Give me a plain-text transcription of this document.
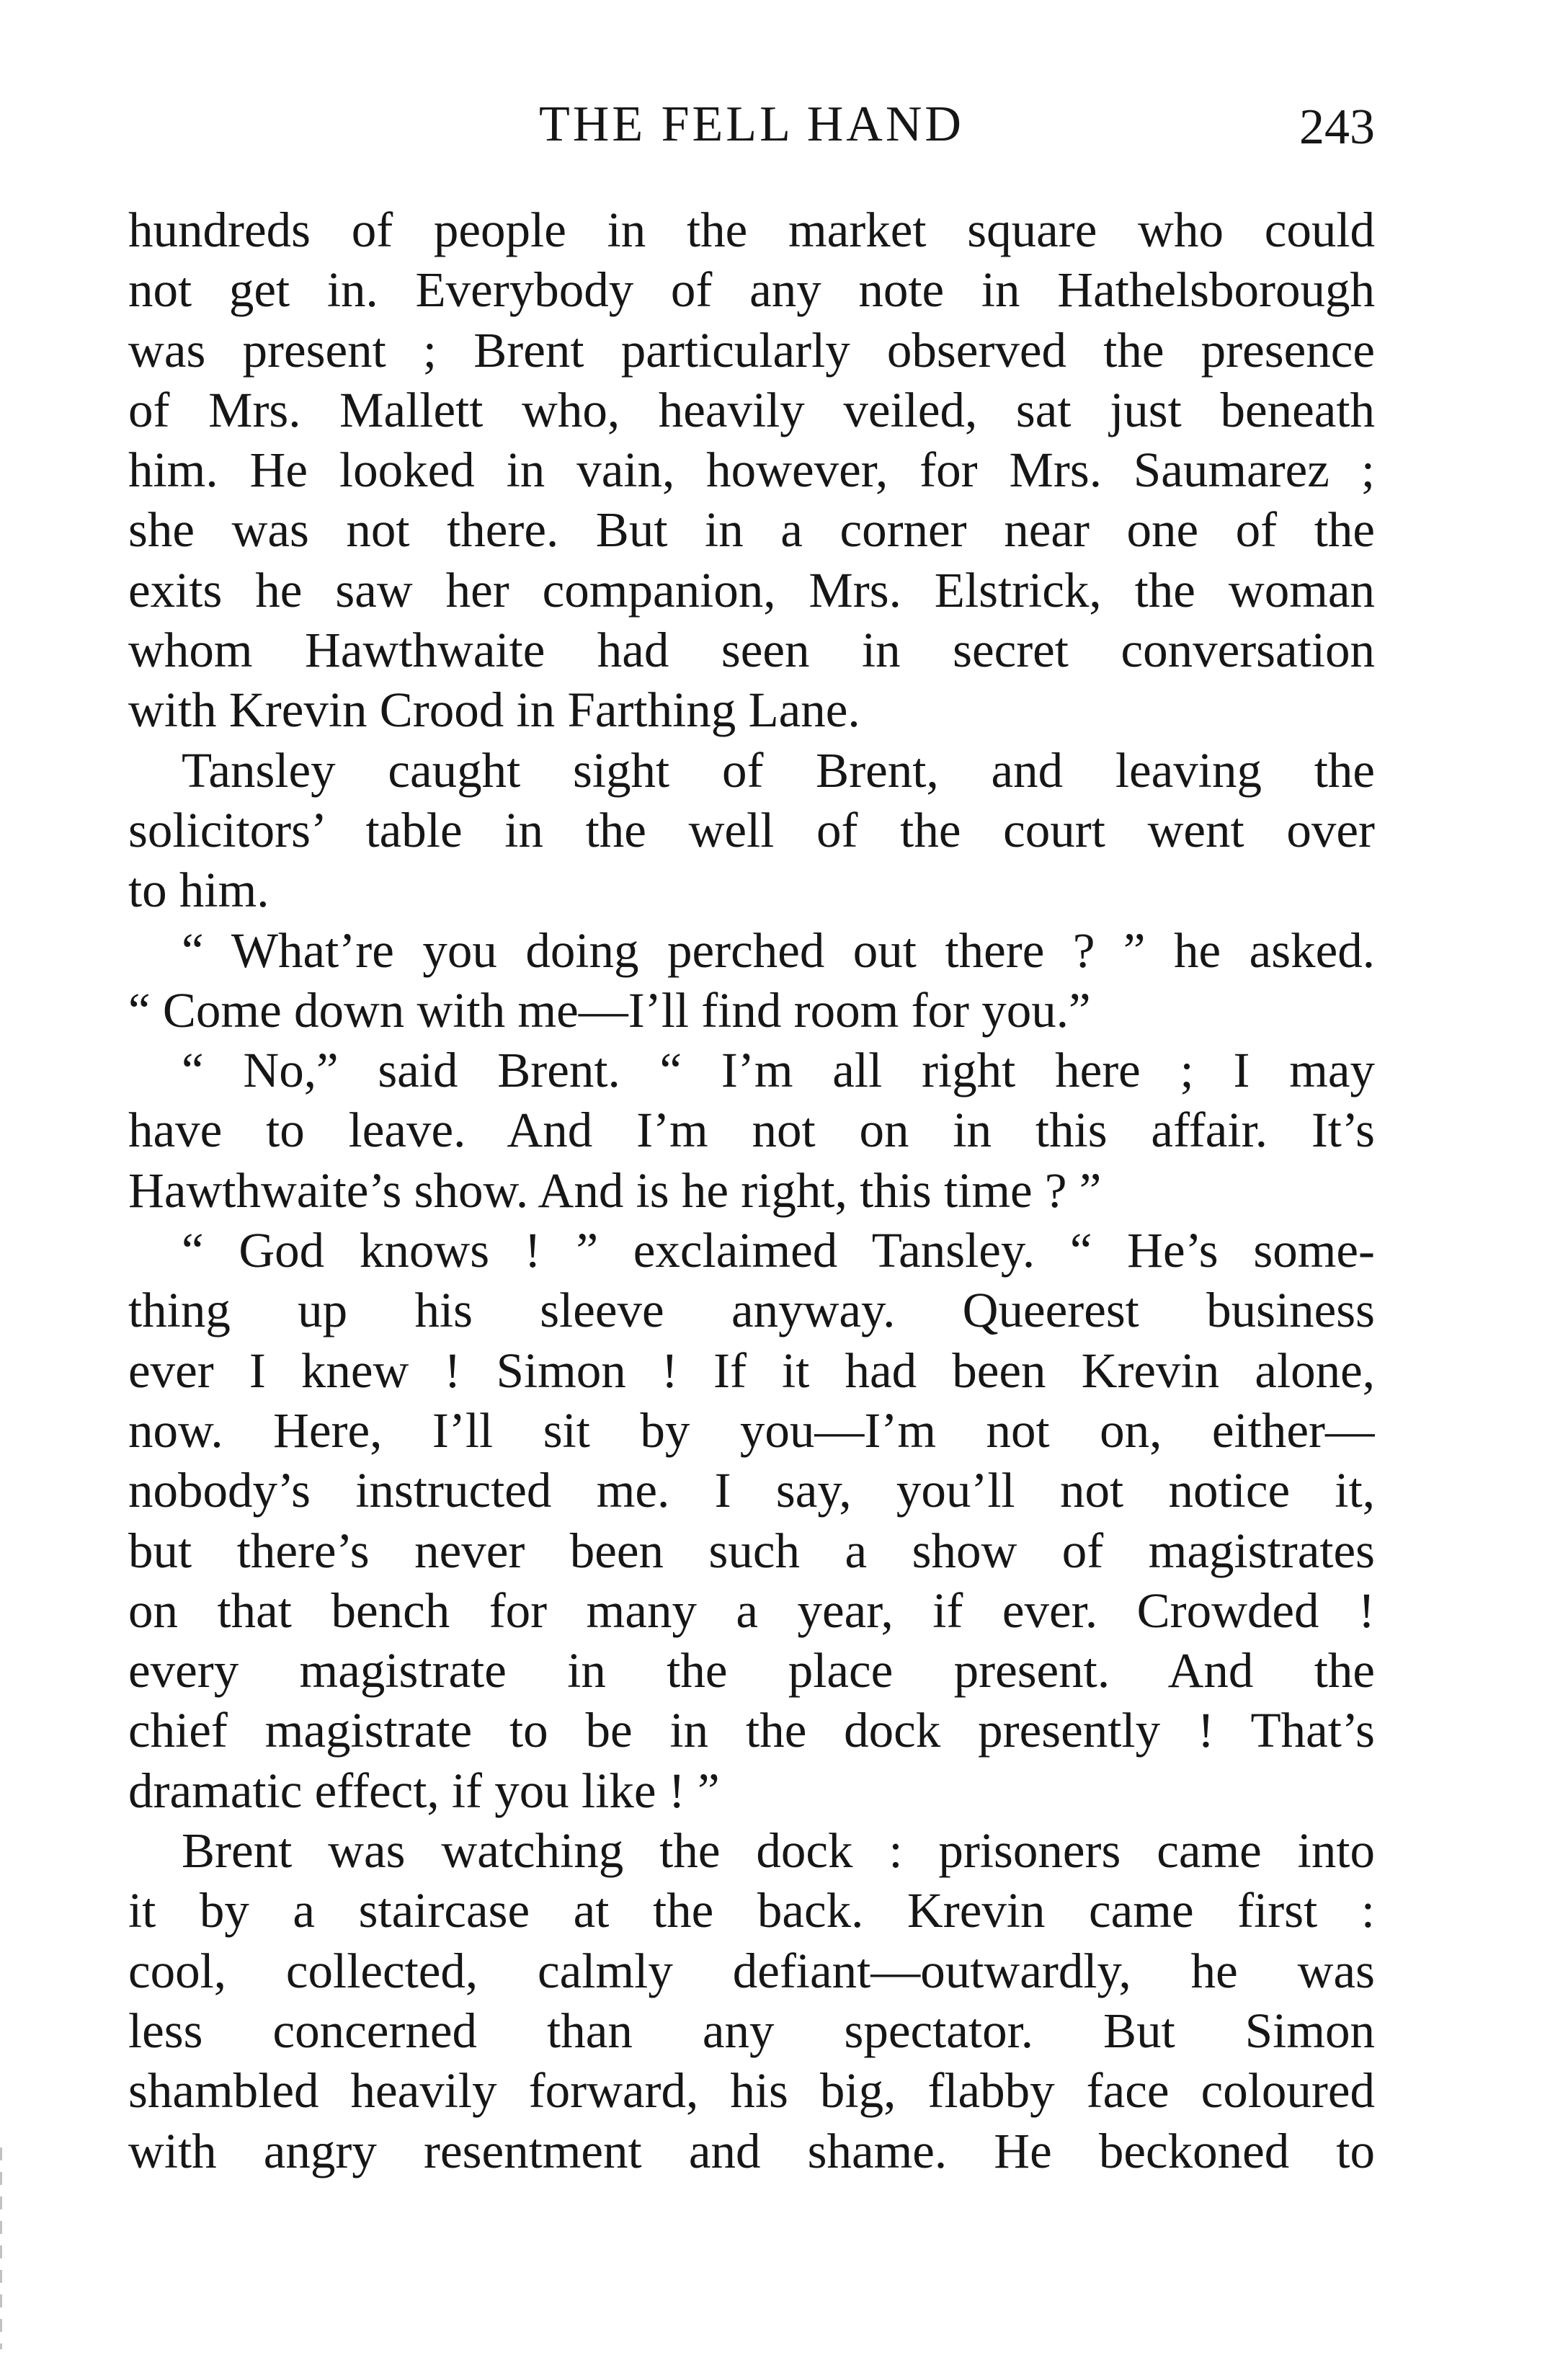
THE FELL HAND	243
hundreds of people in the market square who could
not get in. Everybody of any note in Hathelsborough
was present ; Brent particularly observed the presence
of Mrs. Mallett who, heavily veiled, sat just beneath
him. He looked in vain, however, for Mrs. Saumarez ;
she was not there. But in a corner near one of the
exits he saw her companion, Mrs. Elstrick, the woman
whom Hawthwaite had seen in secret conversation
with Krevin Crood in Farthing Lane.
Tansley caught sight of Brent, and leaving the
solicitors’ table in the well of the court went over
to him.
“ What’re you doing perched out there ? ” he asked.
“ Come down with me—I’ll find room for you.”
“ No,” said Brent. “ I’m all right here ; I may
have to leave. And I’m not on in this affair. It’s
Hawthwaite’s show. And is he right, this time ? ”
“ God knows ! ” exclaimed Tansley. “ He’s some-
thing up his sleeve anyway. Queerest business
ever I knew ! Simon ! If it had been Krevin alone,
now. Here, I’ll sit by you—I’m not on, either—
nobody’s instructed me. I say, you’ll not notice it,
but there’s never been such a show of magistrates
on that bench for many a year, if ever. Crowded !
every magistrate in the place present. And the
chief magistrate to be in the dock presently ! That’s
dramatic effect, if you like ! ”
Brent was watching the dock : prisoners came into
it by a staircase at the back. Krevin came first :
cool, collected, calmly defiant—outwardly, he was
less concerned than any spectator. But Simon
shambled heavily forward, his big, flabby face coloured
with angry resentment and shame. He beckoned to
